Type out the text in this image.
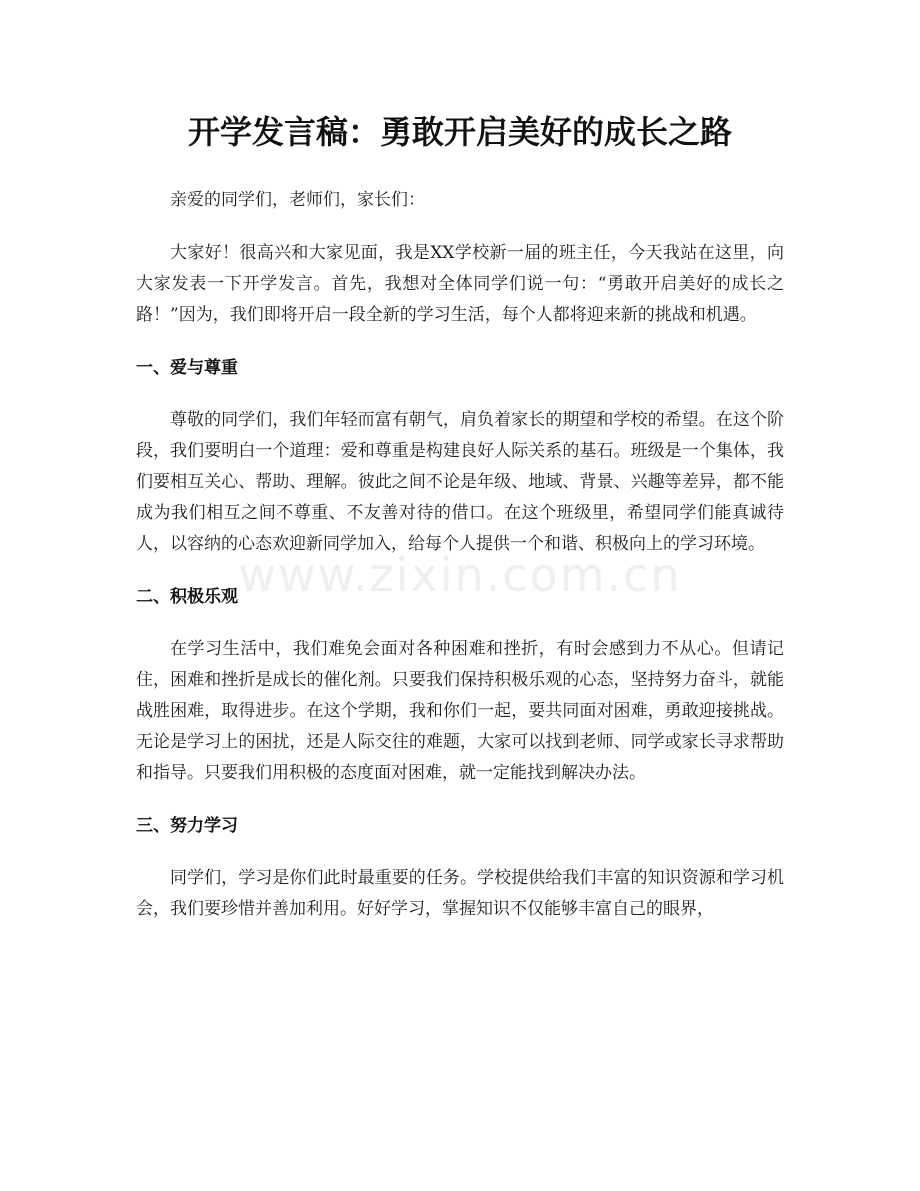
开学发言稿：勇敢开启美好的成长之路
www.zixin.com.cn

亲爱的同学们，老师们，家长们：

大家好！很高兴和大家见面，我是XX学校新一届的班主任，今天我站在这里，向大家发表一下开学发言。首先，我想对全体同学们说一句：“勇敢开启美好的成长之路！”因为，我们即将开启一段全新的学习生活，每个人都将迎来新的挑战和机遇。

一、爱与尊重

尊敬的同学们，我们年轻而富有朝气，肩负着家长的期望和学校的希望。在这个阶段，我们要明白一个道理：爱和尊重是构建良好人际关系的基石。班级是一个集体，我们要相互关心、帮助、理解。彼此之间不论是年级、地域、背景、兴趣等差异，都不能成为我们相互之间不尊重、不友善对待的借口。在这个班级里，希望同学们能真诚待人，以容纳的心态欢迎新同学加入，给每个人提供一个和谐、积极向上的学习环境。

二、积极乐观

在学习生活中，我们难免会面对各种困难和挫折，有时会感到力不从心。但请记住，困难和挫折是成长的催化剂。只要我们保持积极乐观的心态，坚持努力奋斗，就能战胜困难，取得进步。在这个学期，我和你们一起，要共同面对困难，勇敢迎接挑战。无论是学习上的困扰，还是人际交往的难题，大家可以找到老师、同学或家长寻求帮助和指导。只要我们用积极的态度面对困难，就一定能找到解决办法。

三、努力学习

同学们，学习是你们此时最重要的任务。学校提供给我们丰富的知识资源和学习机会，我们要珍惜并善加利用。好好学习，掌握知识不仅能够丰富自己的眼界，
